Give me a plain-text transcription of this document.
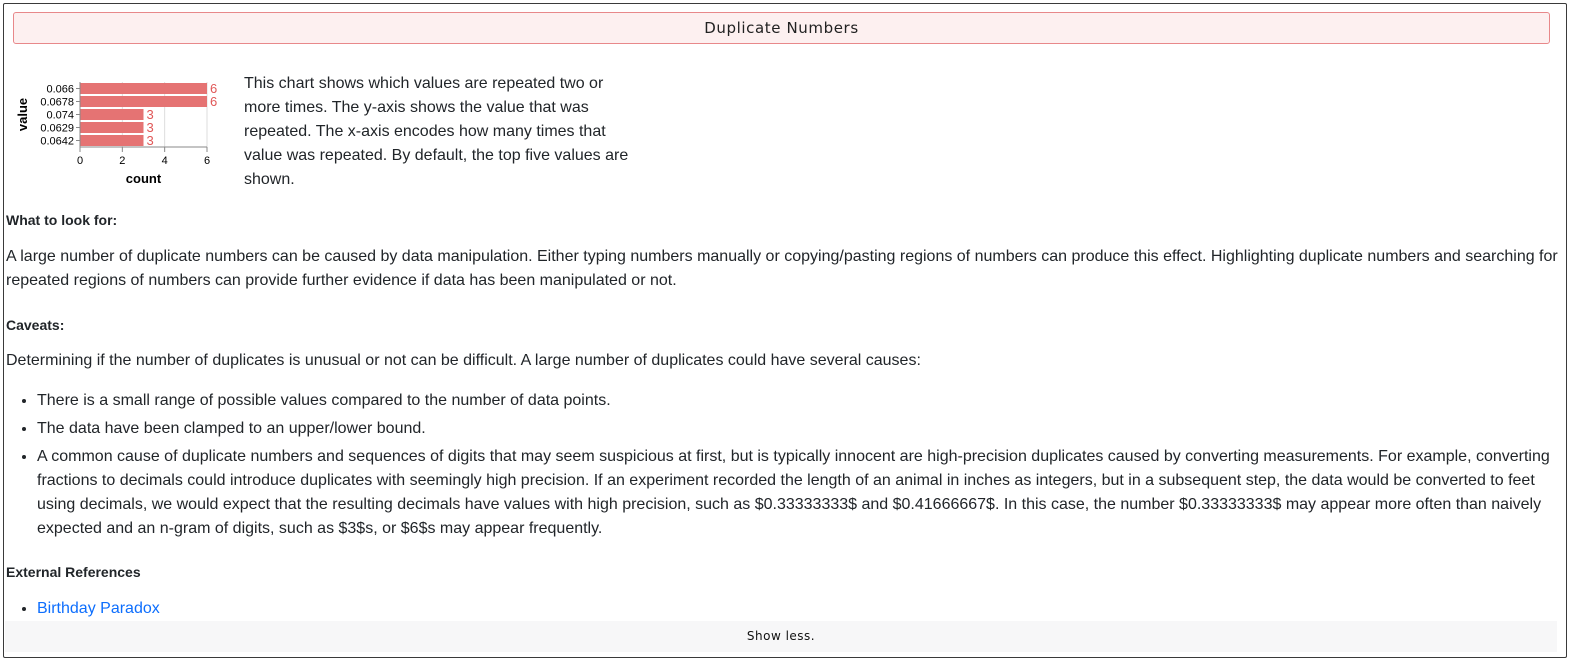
Duplicate Numbers
6
0.066
6
0.0678
3
0.074
3
0.0629
3
0.0642
0	2	4	6
count
value
This chart shows which values are repeated two or more times. The y-axis shows the value that was repeated. The x-axis encodes how many times that value was repeated. By default, the top five values are shown.
What to look for:
A large number of duplicate numbers can be caused by data manipulation. Either typing numbers manually or copying/pasting regions of numbers can produce this effect. Highlighting duplicate numbers and searching for repeated regions of numbers can provide further evidence if data has been manipulated or not.
Caveats:
Determining if the number of duplicates is unusual or not can be difficult. A large number of duplicates could have several causes:
• There is a small range of possible values compared to the number of data points.
• The data have been clamped to an upper/lower bound.
• A common cause of duplicate numbers and sequences of digits that may seem suspicious at first, but is typically innocent are high-precision duplicates caused by converting measurements. For example, converting fractions to decimals could introduce duplicates with seemingly high precision. If an experiment recorded the length of an animal in inches as integers, but in a subsequent step, the data would be converted to feet using decimals, we would expect that the resulting decimals have values with high precision, such as $0.33333333$ and $0.41666667$. In this case, the number $0.33333333$ may appear more often than naively expected and an n-gram of digits, such as $3$s, or $6$s may appear frequently.
External References
• Birthday Paradox
Show less.
